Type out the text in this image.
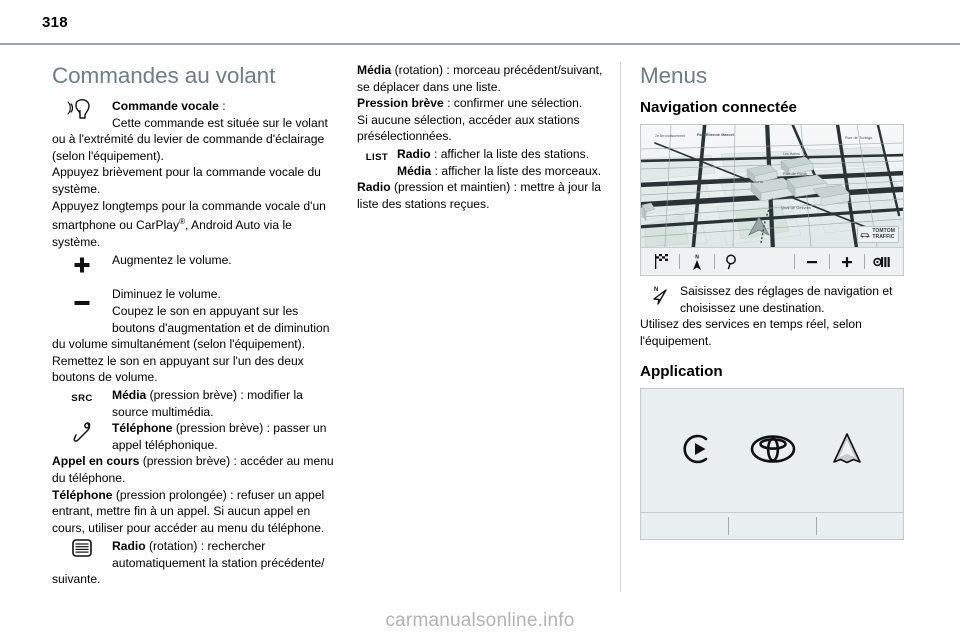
318
Commandes au volant

Commande vocale :
Cette commande est située sur le volant ou à l'extrémité du levier de commande d'éclairage (selon l'équipement).

Appuyez brièvement pour la commande vocale du système.

Appuyez longtemps pour la commande vocale d'un smartphone ou CarPlay®, Android Auto via le système.

Augmentez le volume.

Diminuez le volume.
Coupez le son en appuyant sur les boutons d'augmentation et de diminution du volume simultanément (selon l'équipement).

Remettez le son en appuyant sur l'un des deux boutons de volume.

SRC Média (pression brève) : modifier la source multimédia.
Téléphone (pression brève) : passer un appel téléphonique.

Appel en cours (pression brève) : accéder au menu du téléphone.

Téléphone (pression prolongée) : refuser un appel entrant, mettre fin à un appel. Si aucun appel en cours, utiliser pour accéder au menu du téléphone.

Radio (rotation) : rechercher automatiquement la station précédente/ suivante.

Média (rotation) : morceau précédent/suivant, se déplacer dans une liste.

Pression brève : confirmer une sélection.

Si aucune sélection, accéder aux stations présélectionnées.

LIST Radio : afficher la liste des stations.
Média : afficher la liste des morceaux.

Radio (pression et maintien) : mettre à jour la liste des stations reçues.

Menus
Navigation connectée
2e Arrondissement	Rue Étienne Marcel
Rue de Turbigo
Les Halles
Rue de Rivoli
Avenue Victoria
Quai de Gesvres
TOMTOM
TRAFFIC
N
N Saisissez des réglages de navigation et choisissez une destination.

Utilisez des services en temps réel, selon l'équipement.

Application
carmanualsonline.info
